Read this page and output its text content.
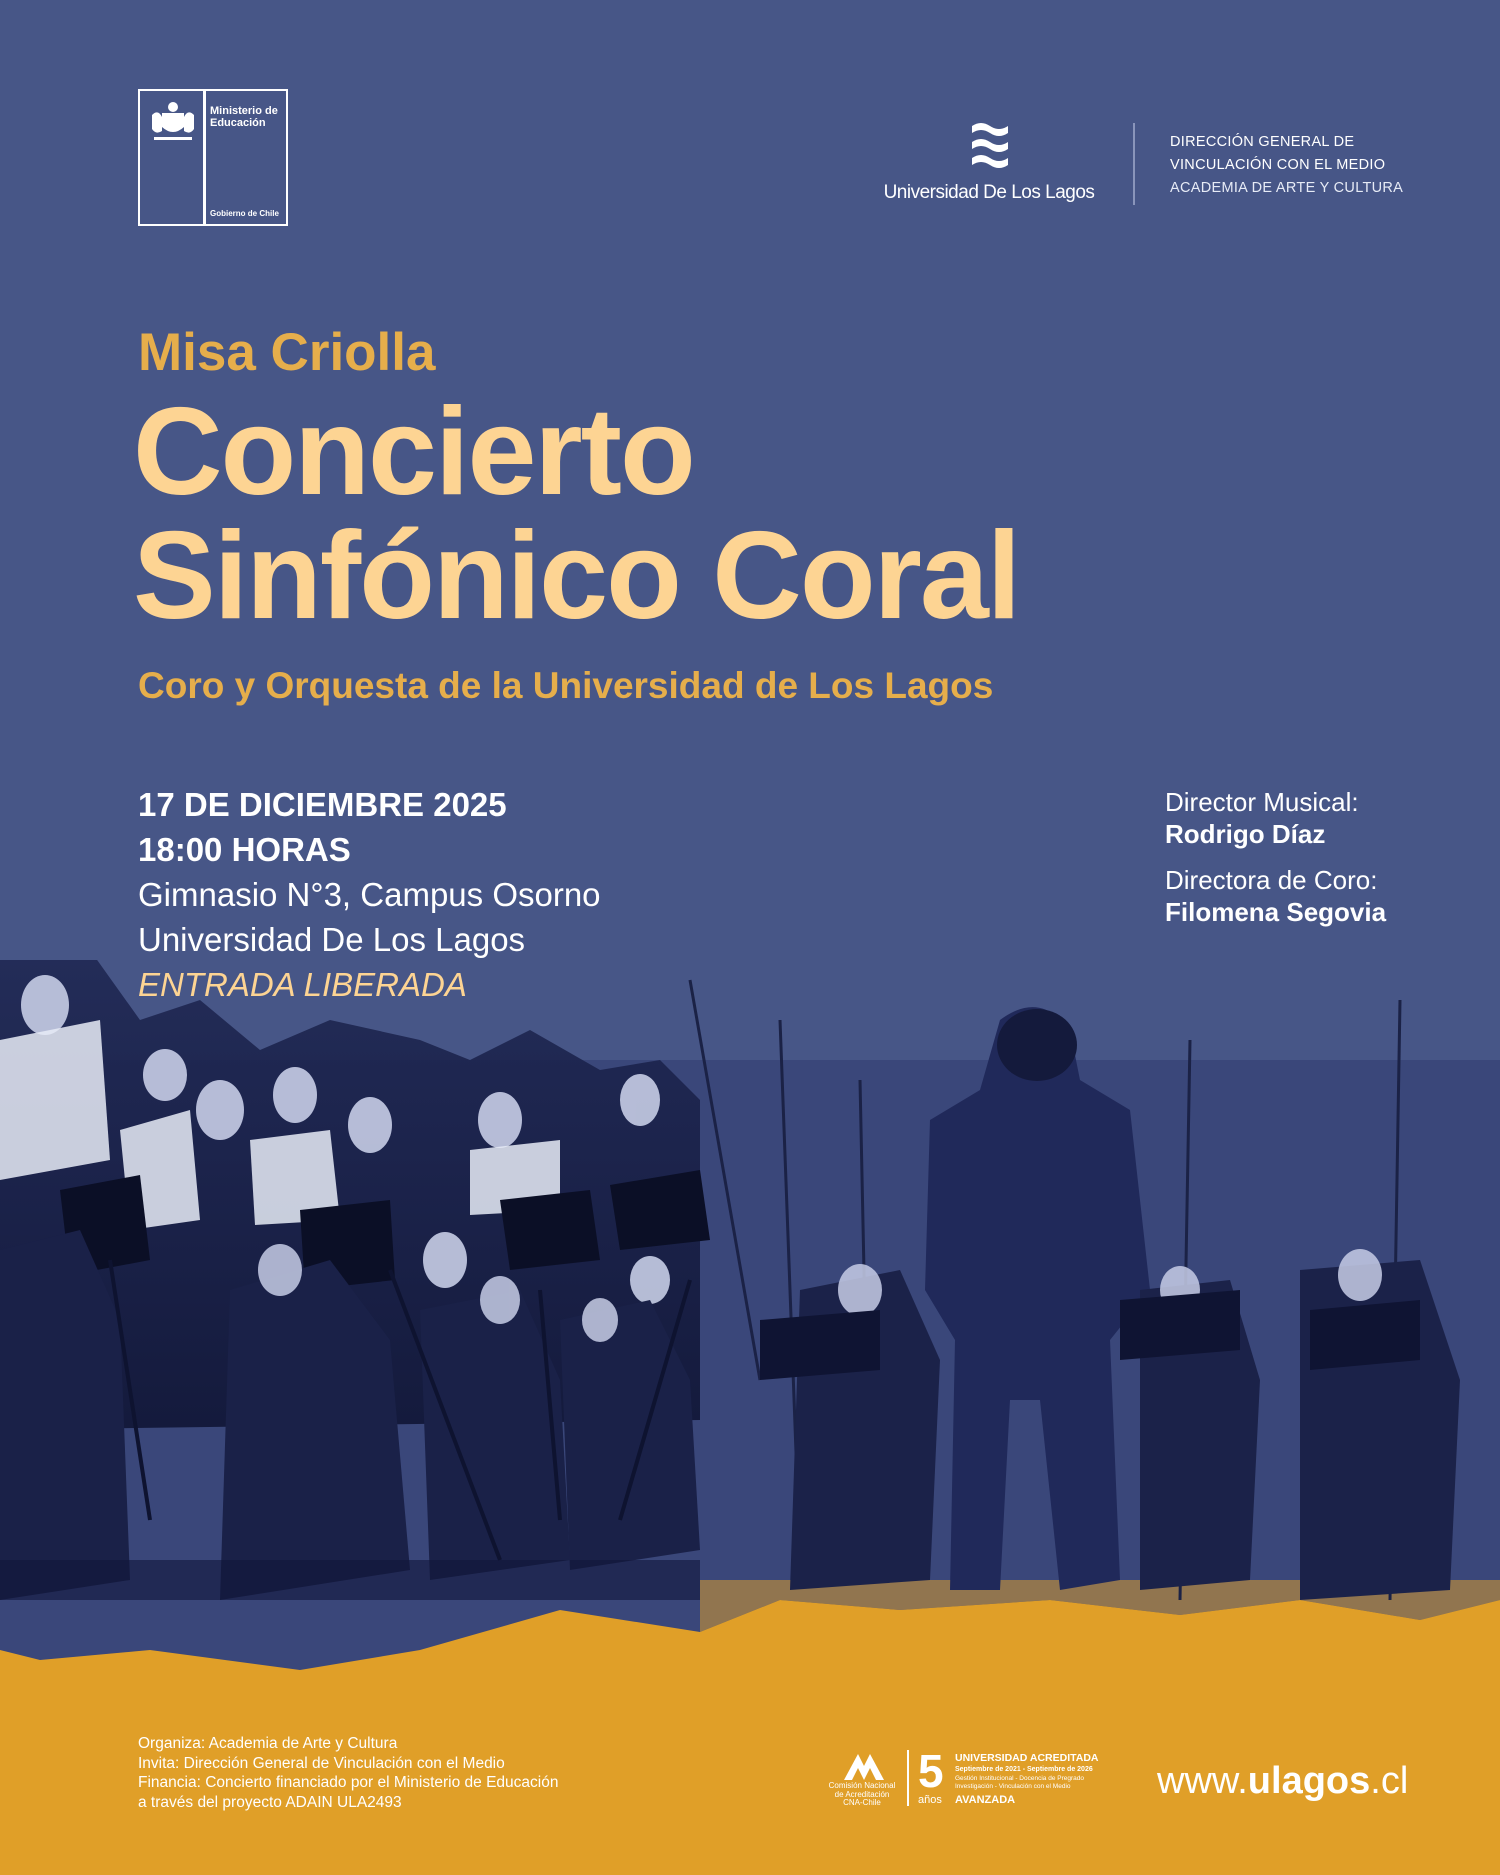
Ministerio de
Educación
Gobierno de Chile
Universidad De Los Lagos
DIRECCIÓN GENERAL DE
VINCULACIÓN CON EL MEDIO
ACADEMIA DE ARTE Y CULTURA
Misa Criolla
Concierto
Sinfónico Coral
Coro y Orquesta de la Universidad de Los Lagos
17 DE DICIEMBRE 2025
18:00 HORAS
Gimnasio N°3, Campus Osorno
Universidad De Los Lagos
ENTRADA LIBERADA
Director Musical:
Rodrigo Díaz
Directora de Coro:
Filomena Segovia
Organiza: Academia de Arte y Cultura
Invita: Dirección General de Vinculación con el Medio
Financia: Concierto financiado por el Ministerio de Educación
a través del proyecto ADAIN ULA2493
Comisión Nacional
de Acreditación
CNA-Chile
5
años
UNIVERSIDAD ACREDITADA
Septiembre de 2021 - Septiembre de 2026
Gestión Institucional - Docencia de Pregrado
Investigación - Vinculación con el Medio
AVANZADA	www.ulagos.cl
